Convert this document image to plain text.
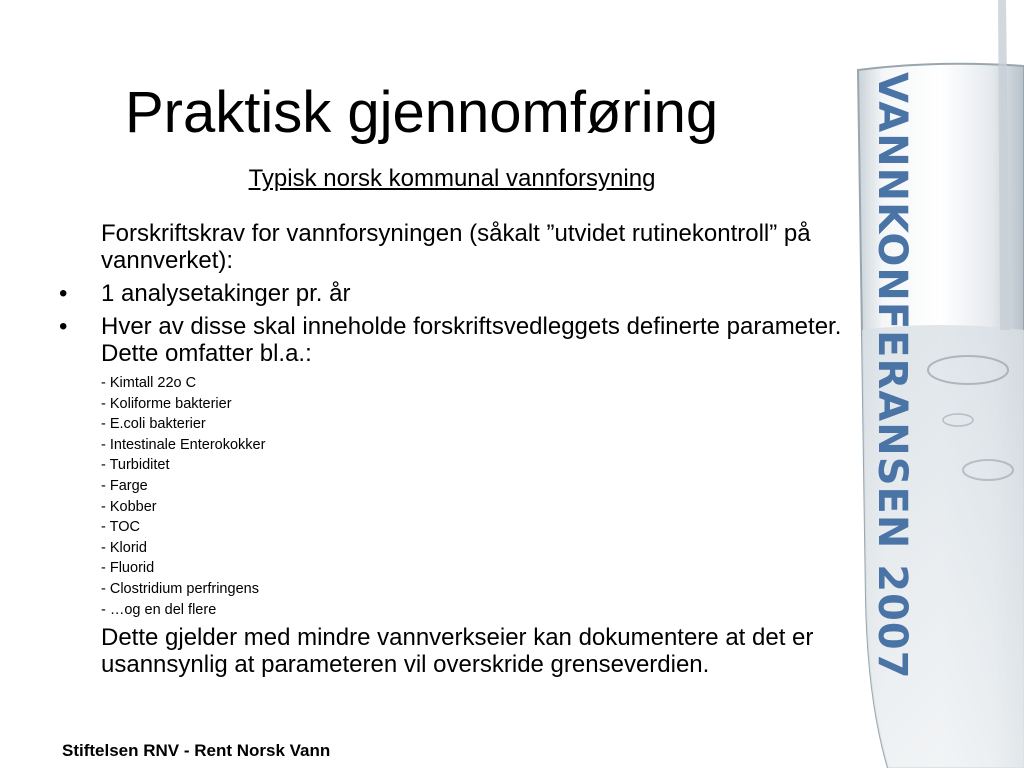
VANNKONFERANSEN 2007
Praktisk gjennomføring
Typisk norsk kommunal vannforsyning
Forskriftskrav for vannforsyningen (såkalt ”utvidet rutinekontroll” på vannverket):
•	1 analysetakinger pr. år
•	Hver av disse skal inneholde forskriftsvedleggets definerte parameter. Dette omfatter bl.a.:
- Kimtall 22o C
- Koliforme bakterier
- E.coli bakterier
- Intestinale Enterokokker
- Turbiditet
- Farge
- Kobber
- TOC
- Klorid
- Fluorid
- Clostridium perfringens
- …og en del flere
Dette gjelder med mindre vannverkseier kan dokumentere at det er usannsynlig at parameteren vil overskride grenseverdien.
Stiftelsen RNV - Rent Norsk Vann
